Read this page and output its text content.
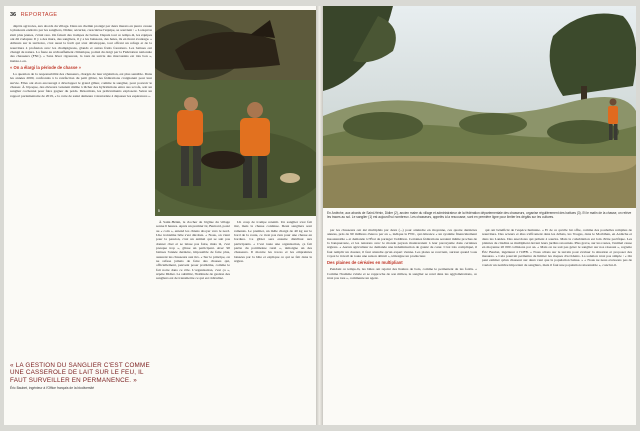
36 REPORTAGE

dépôts agricoles, aux abords du village. Dans un chemin protégé par deux murets en pierre cassée à plusieurs endroits par les sangliers, Didier, sécurisé, caractérise l'équipe, se souvient : « Lorsqu'on était plus jeunes, c'était rare. On faisait des trompes de battue. Depuis tout ce temps-là, les équipes ont dû s'adapter. Il y a des murs, des sangliers, il y a les buissons, des haies, ils en tirent avantage. » Ailleurs sur le territoire, c'est aussi la forêt qui s'est développée, tout offrant un refuge et de la nourriture à profusion avec les champignons, glands et autres fruits forestiers. Les battues ont changé de nature. La faute au réchauffement climatique, pointé du doigt par la Fédération nationale des chasseurs (FNC). « Sans hiver rigoureux, la taux de survie des marcassins est très bon », insiste-t-on.

« On a élargi la période de chasse »

La question de la responsabilité des chasseurs, chargés de leur régulation, est plus sensible. Dans les années 2000, confrontés à la raréfaction du petit gibier, les fédérations craignaient pour leur survie. Elles ont alors encouragé à développer le grand gibier, comme le sanglier, pour pouvoir le chasser. À l'époque, des éleveurs venaient même à lâcher des hybridations entre sus scrofa, soit un sanglier cochonné pour faire gagner du poids. Désormais, les prélèvements explosent. Selon un rapport parlementaire de 2019, « la carte de santé demeure volontariste à dépasser les espérances ».

« LA GESTION DU SANGLIER C'EST COMME UNE CASSEROLE DE LAIT SUR LE FEU, IL FAUT SURVEILLER EN PERMANENCE. »
Éric Baubet, ingénieur à l'Office français de la biodiversité
5

À Saint-Hénin, le clocher de l'église du village sonne 6 heures. Après un premier tir, Bernard, posté au « coin », entend les chiens aboyer vers le nord. Une troisième bête s'est dérobée. « Nous, on vient pour la passion, c'est un animal qui se sait pas donner cher et se laisse pas faire, mais là, c'est presque trop », glisse un participant. Avec 90 battues l'année dernière, impossible de faire plus, assurent les chasseurs aux tirs. « Sur le principe, on ne refuse jamais de faire des chasses qui, officiellement, peuvent poser problème, comme le fait notre dans ce rôle. L'organisation, c'est ça », répète Didier. La subtilité, l'habitude de gestion des sangliers est de transmettre ce qui est ridiculisé.

Un coup de trompe retentit. Un sanglier s'est fait tiré, mais la chasse continue. Deux sangliers sont ramenés. Le premier, un mâle chargé de 40 kg sur le bord de la route, ce n'est pas rien pour une chasse en bordure. Ce gibier sera ensuite distribué aux participants. « C'est toute une organisation, ça fait partie du patrimoine rural », témoigne un des chasseurs. Il montre les traces et les empreintes laissées par la bête et explique ce qui se fait dans la région.

En Ardèche, aux abords de Saint-Hénin, Didier (2), ancien maire du village et administrateur de la fédération départementale des chasseurs, organise régulièrement des battues (3). Et le matin de la chasse, on relève les traces au sol. Le sanglier (1) est aujourd'hui nombreux. Les chasseurs, appelés à la rescousse, sont en première ligne pour limiter les dégâts sur les cultures.

par les chasseurs ont été multipliés par deux (...) pour atteindre en moyenne, ces quatre dernières années, près de 90 millions d'euros par an », indique la FNC, qui dénonce « un système financièrement insoutenable » et demande à l'État de partager l'addition. Certaines fédérations seraient même proches de la banqueroute, et les tensions avec le monde paysan montreraient à leur paroxysme dans certaines régions. « Aucun agriculteur ne demande une indemnisation de gaieté de cœur. C'est très compliqué, il faut remplir un dossier, il faut attendre qu'un expert vienne. Les plaies se rouvrent, surtout quand vous voyez le travail de toute une saison détruit », témoigne un producteur.

Des plaines de céréales en multipliant

Pendant ce temps-là, les bêtes ont rejoint des lisières de bois, comme le permettent de les forêts. « Comme l'homme s'étale et se rapproche de son milieu, le sanglier se rend dans les agglomérations, ce n'est pas rare », commente un agent.

qui ont bénéficié de l'espèce humaine. « Et de ce qu'elle lui offre, comme des poubelles remplies de nourriture. Des acteurs et élus s'affrontent dans les débats, les Vosges, dans le Morbihan, en Ardèche et dans les Landes. Des anecdotes qui prêtent à sourire. Mais la cohabitation est loin d'être pacifique. Les plaintes de citadins se multiplient devant leurs jardins retournés. Plus grave, sur les routes, l'animal cause en moyenne 20 000 collisions par an. « Mais on ne sait pas gérer le sanglier sur nos réseaux », regrette Éric Baubet, ingénieur à l'OFB. « Nous allons sur le terrain pour évaluer la situation et proposer des mesures. » Cela pourrait permettre de limiter les risques d'accidents. La solution n'est pas simple : « On peut estimer qu'un chasseur sur deux veut que la population baisse. » « Nous ne nous excusons pas de vouloir un nombre important de sangliers, mais il faut une population raisonnable », conclut-il.
